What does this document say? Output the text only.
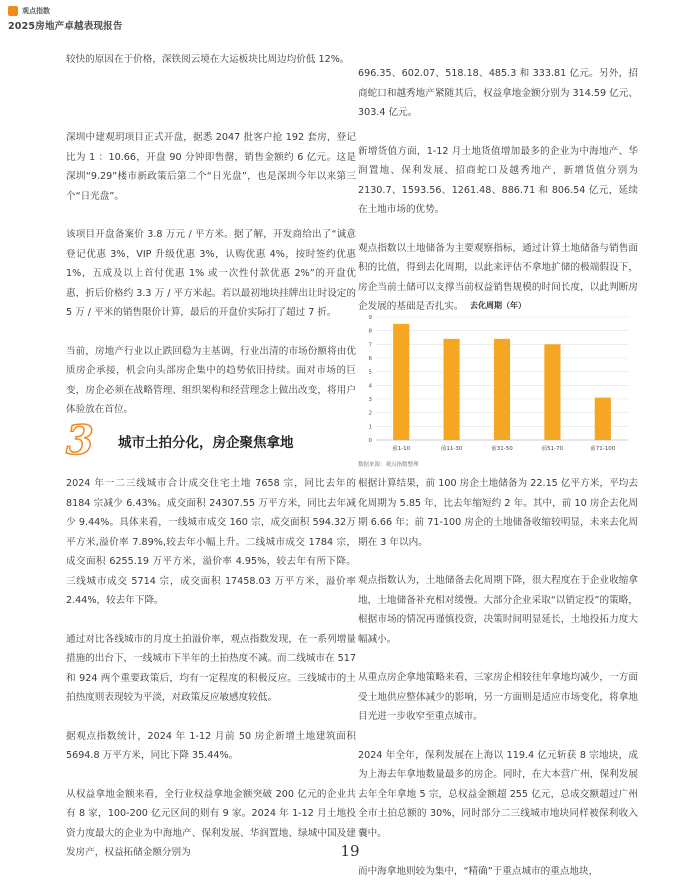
观点指数
2025房地产卓越表现报告

较快的原因在于价格，深铁阅云境在大运板块比周边均价低 12%。

深圳中建观玥项目正式开盘，据悉 2047 批客户抢 192 套房，登记比为 1 ：10.66，开盘 90 分钟即售罄，销售金额约 6 亿元。这是深圳“9.29”楼市新政策后第二个“日光盘”，也是深圳今年以来第三个“日光盘”。

该项目开盘备案价 3.8 万元 / 平方米。据了解，开发商给出了“诚意登记优惠 3%，VIP 升级优惠 3%，认购优惠 4%，按时签约优惠 1%，五成及以上首付优惠 1% 或一次性付款优惠 2%”的开盘优惠，折后价格约 3.3 万 / 平方米起。若以最初地块挂牌出让时设定的 5 万 / 平米的销售限价计算，最后的开盘价实际打了超过 7 折。

当前，房地产行业以止跌回稳为主基调，行业出清的市场份额将由优质房企承接，机会向头部房企集中的趋势依旧持续。面对市场的巨变，房企必须在战略管理、组织架构和经营理念上做出改变，将用户体验放在首位。

3	城市土拍分化，房企聚焦拿地

2024 年一二三线城市合计成交住宅土地 7658 宗，同比去年的 8184 宗减少 6.43%。成交面积 24307.55 万平方米，同比去年减少 9.44%。具体来看，一线城市成交 160 宗，成交面积 594.32万平方米,溢价率 7.89%,较去年小幅上升。二线城市成交 1784 宗，成交面积 6255.19 万平方米，溢价率 4.95%，较去年有所下降。三线城市成交 5714 宗，成交面积 17458.03 万平方米，溢价率 2.44%，较去年下降。

通过对比各线城市的月度土拍溢价率，观点指数发现，在一系列增量措施的出台下，一线城市下半年的土拍热度不减。而二线城市在 517 和 924 两个重要政策后，均有一定程度的积极反应。三线城市的土拍热度则表现较为平淡，对政策反应敏感度较低。

据观点指数统计，2024 年 1-12 月前 50 房企新增土地建筑面积 5694.8 万平方米，同比下降 35.44%。

从权益拿地金额来看，全行业权益拿地金额突破 200 亿元的企业共有 8 家，100-200 亿元区间的则有 9 家。2024 年 1-12 月土地投资力度最大的企业为中海地产、保利发展、华润置地、绿城中国及建发房产，权益拓储金额分别为

696.35、602.07、518.18、485.3 和 333.81 亿元。另外，招商蛇口和越秀地产紧随其后，权益拿地金额分别为 314.59 亿元、303.4 亿元。

新增货值方面，1-12 月土地货值增加最多的企业为中海地产、华润置地、保利发展、招商蛇口及越秀地产，新增货值分别为 2130.7、1593.56、1261.48、886.71 和 806.54 亿元，延续在土地市场的优势。

观点指数以土地储备为主要观察指标，通过计算土地储备与销售面积的比值，得到去化周期，以此来评估不拿地扩储的极端假设下，房企当前土储可以支撑当前权益销售规模的时间长度，以此判断房企发展的基础是否扎实。 去化周期（年）
0
1
2
3
4
5
6
7
8
9
前1-10	前11-30	前31-50	前51-70	前71-100
数据来源：观点指数整理

根据计算结果，前 100 房企土地储备为 22.15 亿平方米，平均去化周期为 5.85 年，比去年缩短约 2 年。其中，前 10 房企去化周期 6.66 年；前 71-100 房企的土地储备收缩较明显，未来去化周期在 3 年以内。

观点指数认为，土地储备去化周期下降，很大程度在于企业收缩拿地，土地储备补充相对缓慢。大部分企业采取“以销定投”的策略，根据市场的情况再谨慎投资，决策时间明显延长，土地投拓力度大幅减小。

从重点房企拿地策略来看，三家房企相较往年拿地均减少，一方面受土地供应整体减少的影响，另一方面则是适应市场变化，将拿地目光进一步收窄至重点城市。

2024 年全年，保利发展在上海以 119.4 亿元斩获 8 宗地块，成为上海去年拿地数量最多的房企。同时，在大本营广州，保利发展去年全年拿地 5 宗，总权益金额超 255 亿元，总成交额超过广州全市土拍总额的 30%，同时部分二三线城市地块同样被保利收入囊中。

而中海拿地则较为集中，“精确”于重点城市的重点地块，

19
